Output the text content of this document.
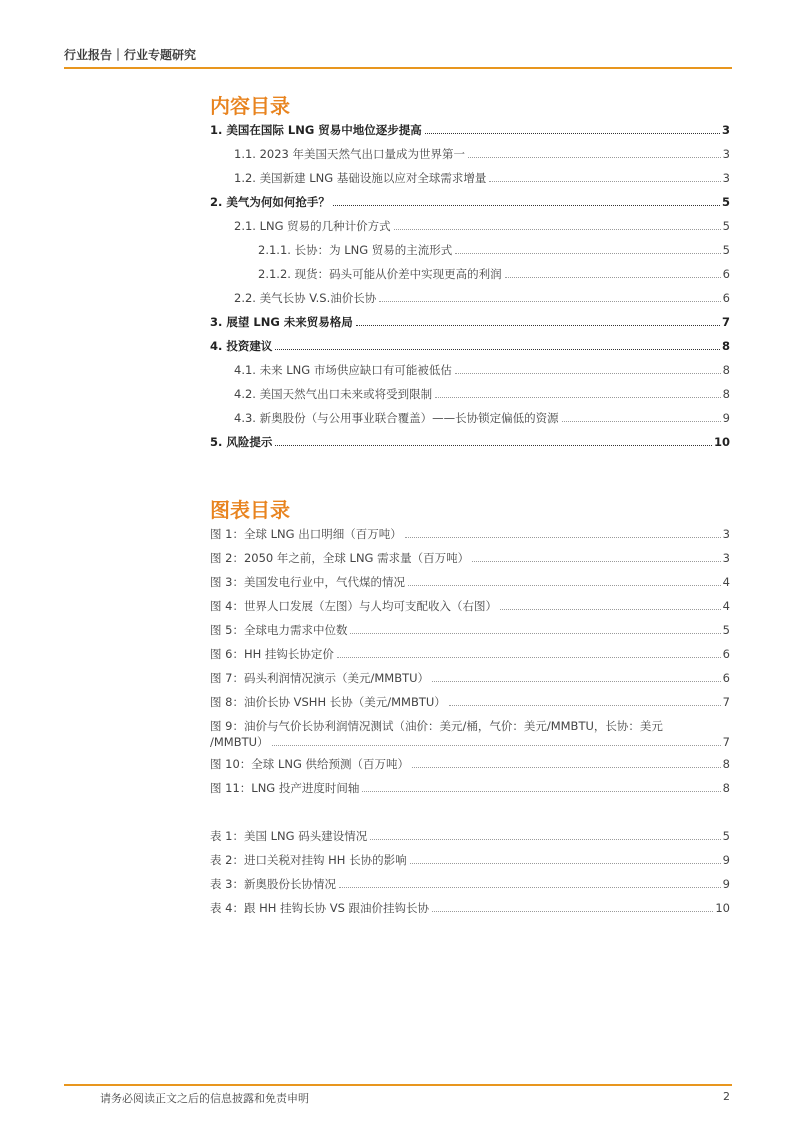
行业报告｜行业专题研究
内容目录
1. 美国在国际 LNG 贸易中地位逐步提高	3
1.1. 2023 年美国天然气出口量成为世界第一	3
1.2. 美国新建 LNG 基础设施以应对全球需求增量	3
2. 美气为何如何抢手？	5
2.1. LNG 贸易的几种计价方式	5
2.1.1. 长协：为 LNG 贸易的主流形式	5
2.1.2. 现货：码头可能从价差中实现更高的利润	6
2.2. 美气长协 V.S.油价长协	6
3. 展望 LNG 未来贸易格局	7
4. 投资建议	8
4.1. 未来 LNG 市场供应缺口有可能被低估	8
4.2. 美国天然气出口未来或将受到限制	8
4.3. 新奥股份（与公用事业联合覆盖）——长协锁定偏低的资源	9
5. 风险提示	10
图表目录
图 1：全球 LNG 出口明细（百万吨）	3
图 2：2050 年之前，全球 LNG 需求量（百万吨）	3
图 3：美国发电行业中，气代煤的情况	4
图 4：世界人口发展（左图）与人均可支配收入（右图）	4
图 5：全球电力需求中位数	5
图 6：HH 挂钩长协定价	6
图 7：码头利润情况演示（美元/MMBTU）	6
图 8：油价长协 VSHH 长协（美元/MMBTU）	7
图 9：油价与气价长协利润情况测试（油价：美元/桶，气价：美元/MMBTU，长协：美元
/MMBTU）	7
图 10：全球 LNG 供给预测（百万吨）	8
图 11：LNG 投产进度时间轴	8
表 1：美国 LNG 码头建设情况	5
表 2：进口关税对挂钩 HH 长协的影响	9
表 3：新奥股份长协情况	9
表 4：跟 HH 挂钩长协 VS 跟油价挂钩长协	10
请务必阅读正文之后的信息披露和免责申明	2
